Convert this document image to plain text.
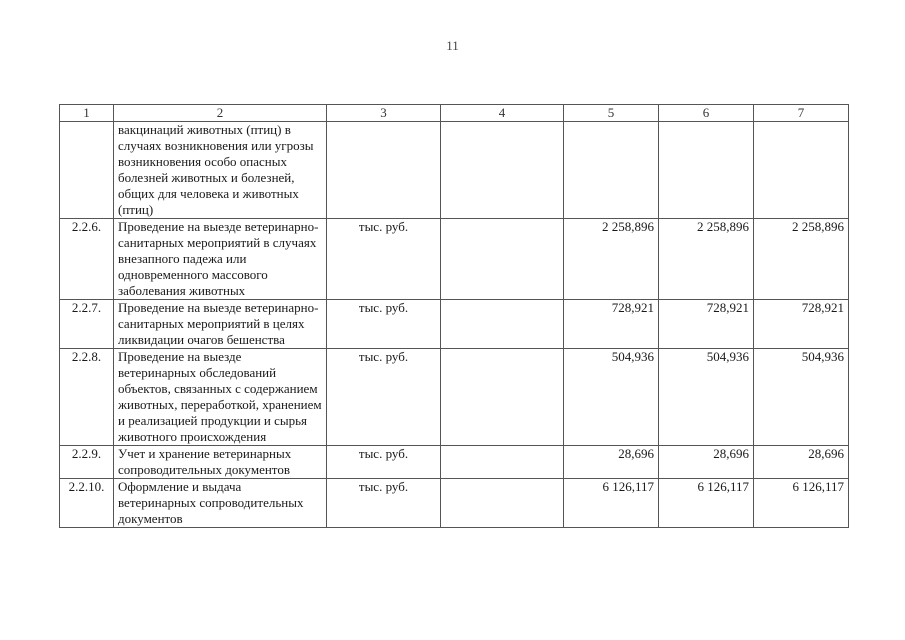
11
1	2	3	4	5	6	7
	вакцинаций животных (птиц) в случаях возникновения или угрозы возникновения особо опасных болезней животных и болезней, общих для человека и животных (птиц)					
2.2.6.	Проведение на выезде ветеринарно-санитарных мероприятий в случаях внезапного падежа или одновременного массового заболевания животных	тыс. руб.		2 258,896	2 258,896	2 258,896
2.2.7.	Проведение на выезде ветеринарно-санитарных мероприятий в целях ликвидации очагов бешенства	тыс. руб.		728,921	728,921	728,921
2.2.8.	Проведение на выезде ветеринарных обследований объектов, связанных с содержанием животных, переработкой, хранением и реализацией продукции и сырья животного происхождения	тыс. руб.		504,936	504,936	504,936
2.2.9.	Учет и хранение ветеринарных сопроводительных документов	тыс. руб.		28,696	28,696	28,696
2.2.10.	Оформление и выдача ветеринарных сопроводительных документов	тыс. руб.		6 126,117	6 126,117	6 126,117
